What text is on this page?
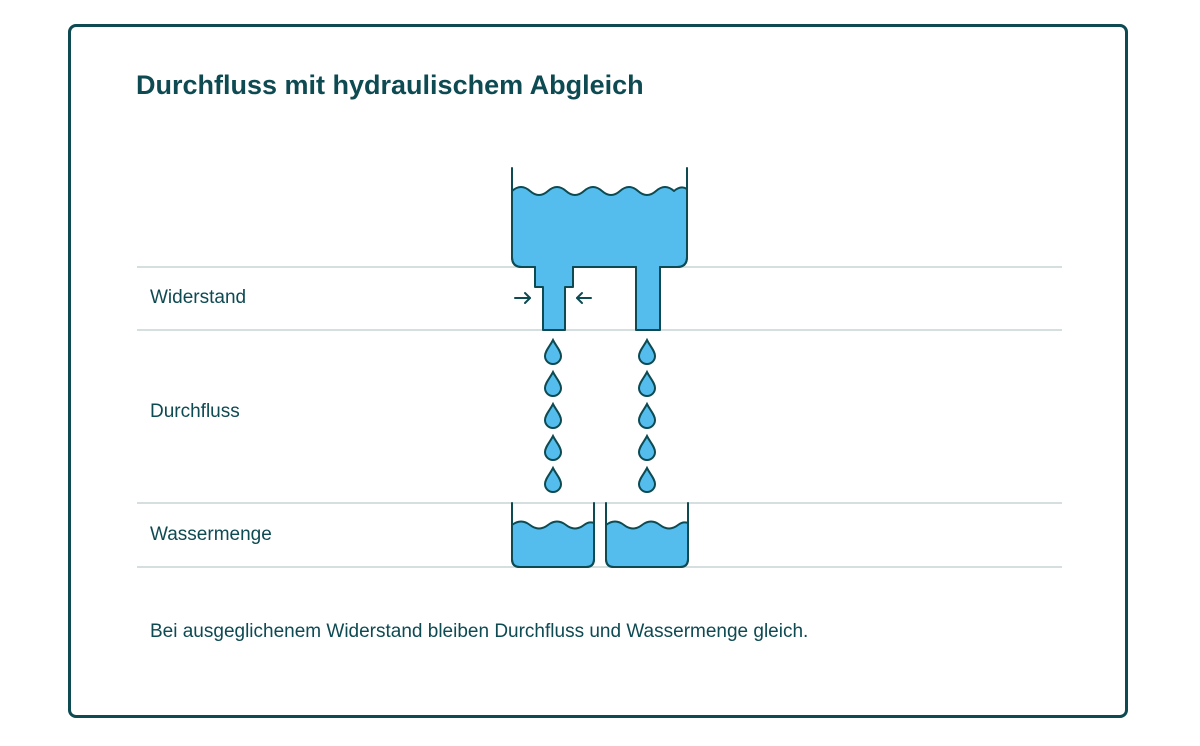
Durchfluss mit hydraulischem Abgleich
Widerstand
Durchfluss
Wassermenge

Bei ausgeglichenem Widerstand bleiben Durchfluss und Wassermenge gleich.
